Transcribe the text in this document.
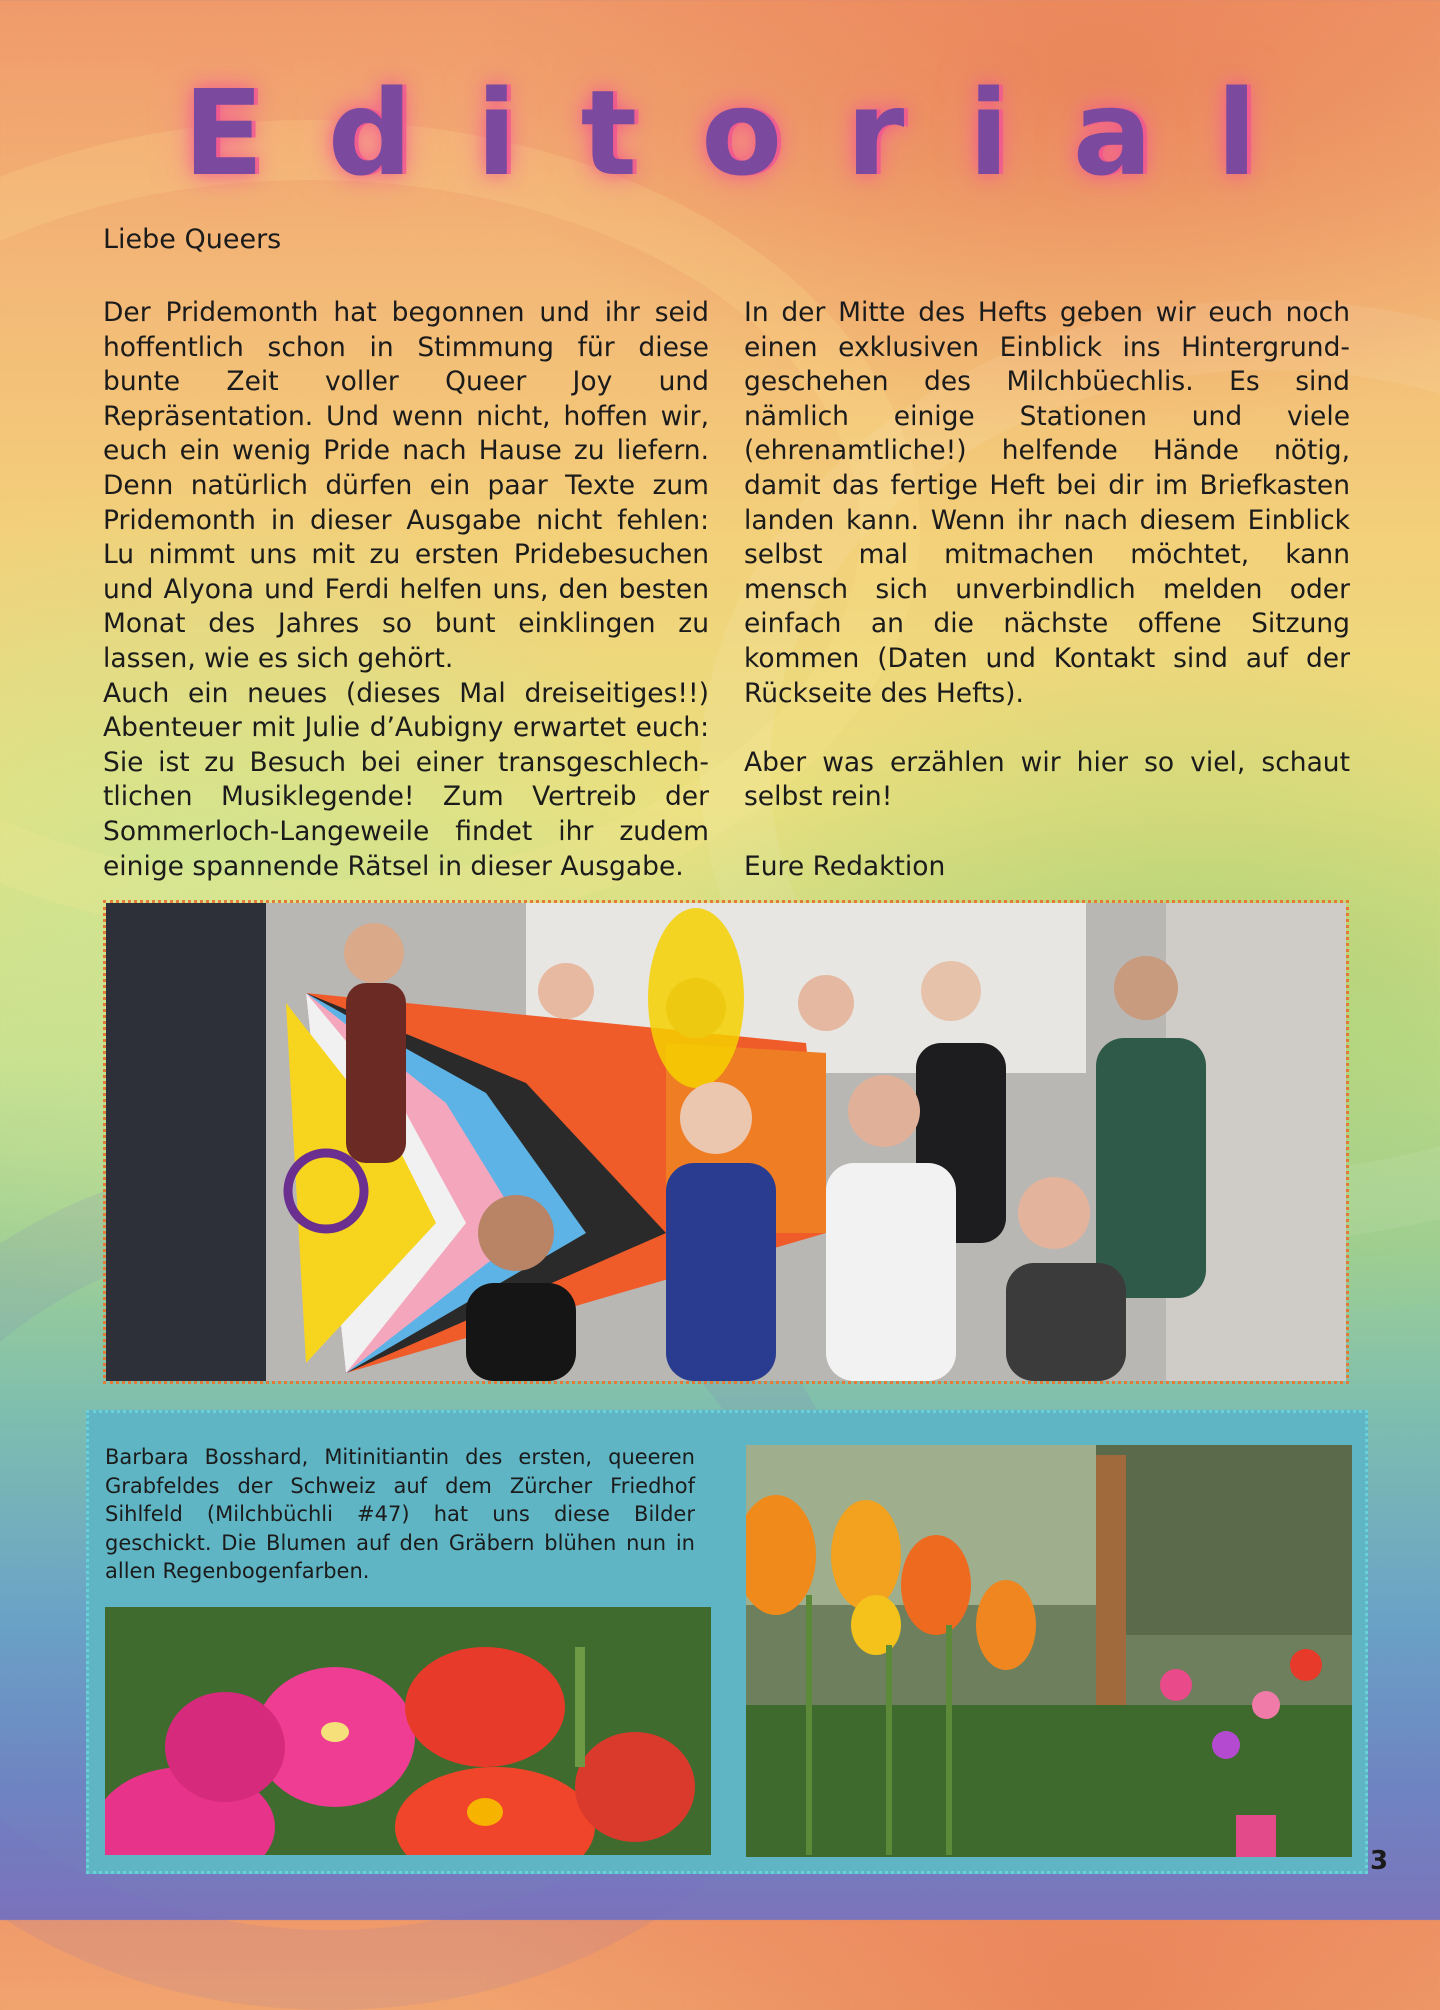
Editorial
Liebe Queers

Der Pridemonth hat begonnen und ihr seid hoffentlich schon in Stimmung für diese bunte Zeit voller Queer Joy und Repräsentation. Und wenn nicht, hoffen wir, euch ein wenig Pride nach Hause zu liefern. Denn natürlich dürfen ein paar Texte zum Pridemonth in dieser Ausgabe nicht fehlen: Lu nimmt uns mit zu ersten Pridebesuchen und Alyona und Ferdi helfen uns, den besten Monat des Jahres so bunt einklingen zu lassen, wie es sich gehört.

Auch ein neues (dieses Mal dreiseitiges!!) Abenteuer mit Julie d’Aubigny erwartet euch: Sie ist zu Besuch bei einer transgeschlech-tlichen Musiklegende! Zum Vertreib der Sommerloch-Langeweile findet ihr zudem einige spannende Rätsel in dieser Ausgabe.

In der Mitte des Hefts geben wir euch noch einen exklusiven Einblick ins Hintergrund-geschehen des Milchbüechlis. Es sind nämlich einige Stationen und viele (ehrenamtliche!) helfende Hände nötig, damit das fertige Heft bei dir im Briefkasten landen kann. Wenn ihr nach diesem Einblick selbst mal mitmachen möchtet, kann mensch sich unverbindlich melden oder einfach an die nächste offene Sitzung kommen (Daten und Kontakt sind auf der Rückseite des Hefts).

Aber was erzählen wir hier so viel, schaut selbst rein!

Eure Redaktion

Barbara Bosshard, Mitinitiantin des ersten, queeren Grabfeldes der Schweiz auf dem Zürcher Friedhof Sihlfeld (Milchbüchli #47) hat uns diese Bilder geschickt. Die Blumen auf den Gräbern blühen nun in allen Regenbogenfarben.
3
